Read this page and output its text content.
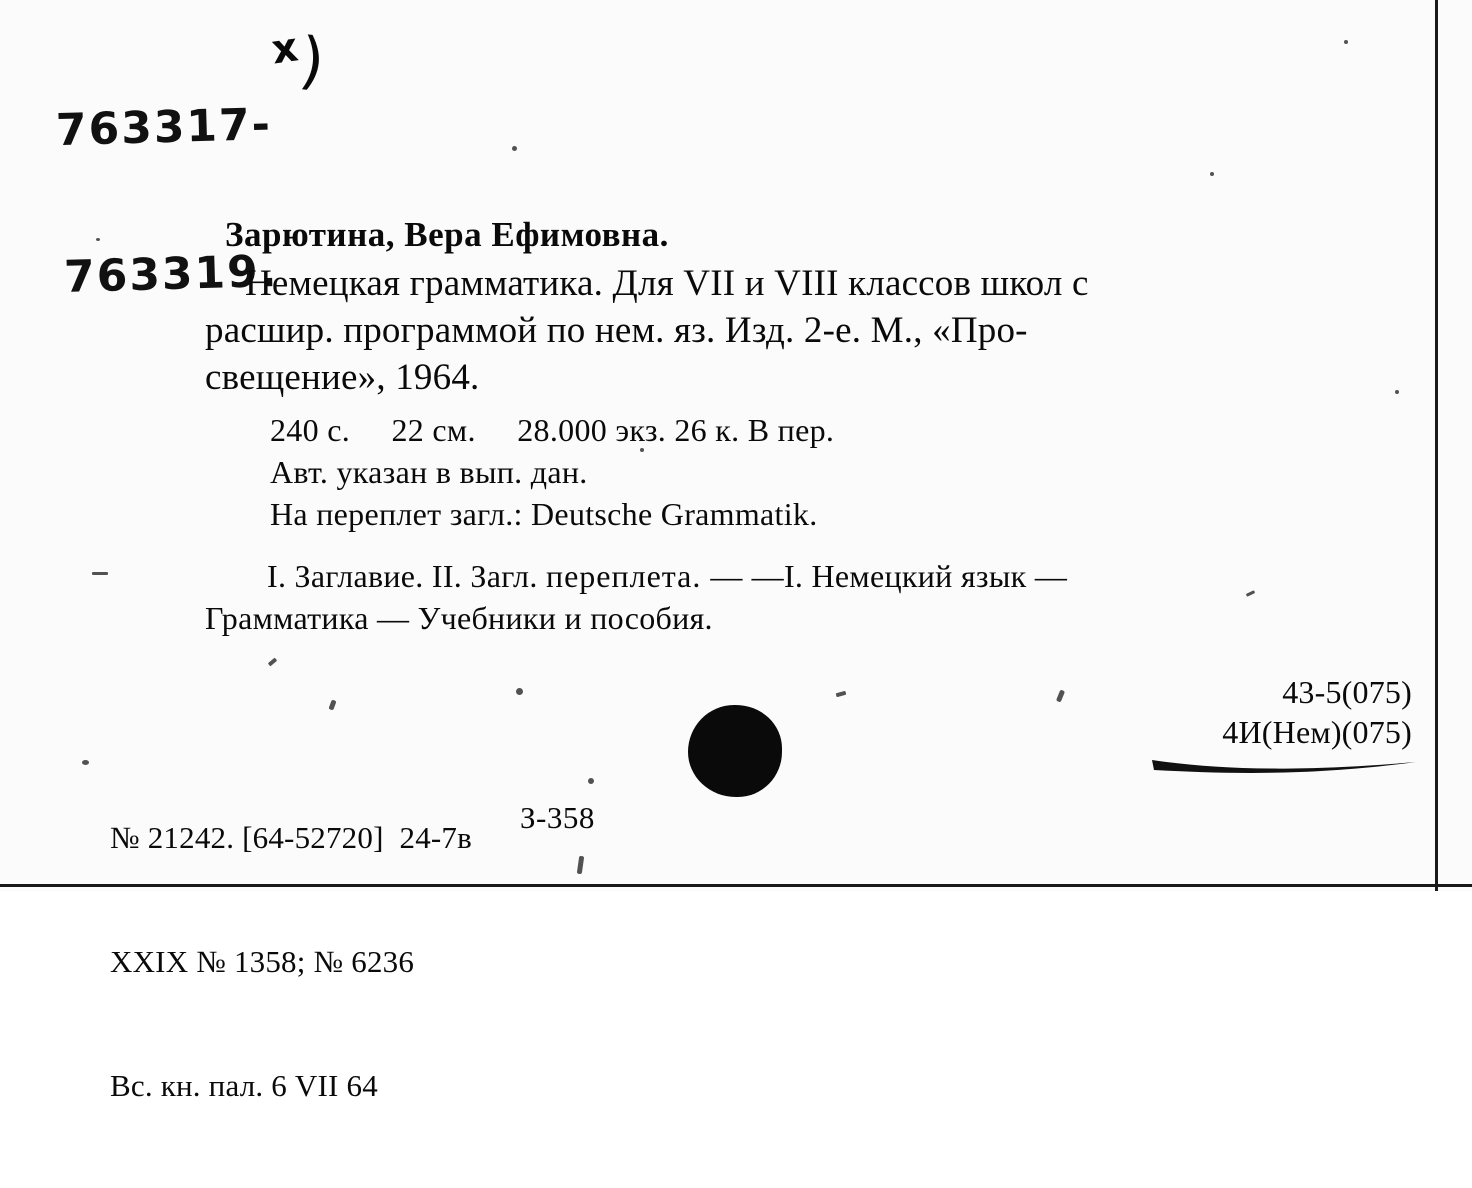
763317-

763319.

x
)
Зарютина, Вера Ефимовна.
Немецкая грамматика. Для VII и VIII классов школ с
расшир. программой по нем. яз. Изд. 2-е. М., «Про-
свещение», 1964.
240 с.     22 см.     28.000 экз. 26 к. В пер.
Авт. указан в вып. дан.
На переплет загл.: Deutsche Grammatik.
I. Заглавие. II. Загл. переплета. — —I. Немецкий язык —
Грамматика — Учебники и пособия.
43-5(075)
4И(Нем)(075)

№ 21242. [64-52720]  24-7в

XXIX № 1358; № 6236

Вс. кн. пал. 6 VII 64

З-358
